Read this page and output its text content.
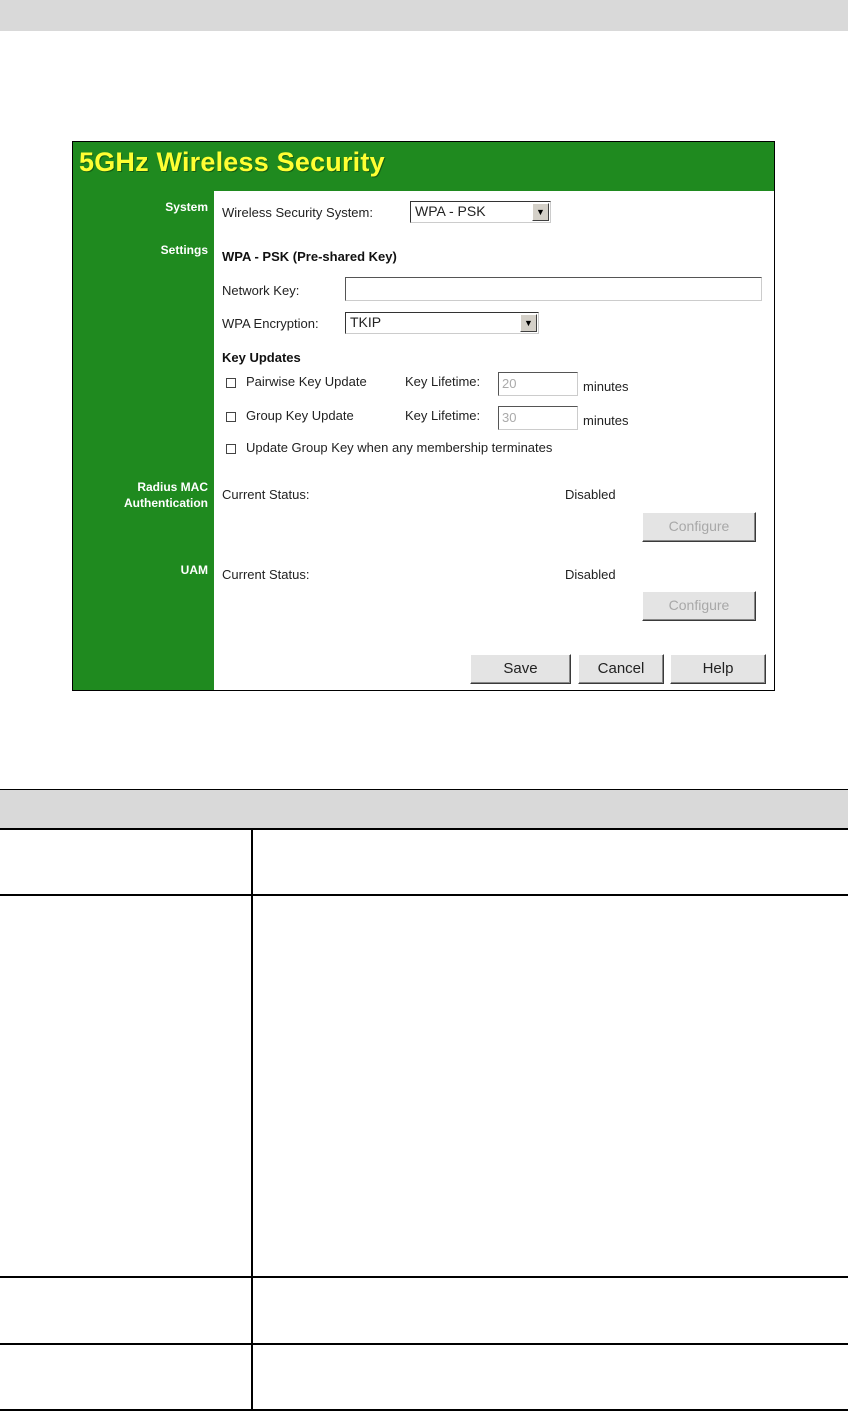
5GHz Wireless Security
System
Settings
Radius MAC
Authentication
UAM
Wireless Security System:	WPA - PSK	▼
WPA - PSK (Pre-shared Key)
Network Key:
WPA Encryption:	TKIP	▼
Key Updates
Pairwise Key Update	Key Lifetime:	20	minutes
Group Key Update	Key Lifetime:	30	minutes
Update Group Key when any membership terminates
Current Status:	Disabled
Configure
Current Status:	Disabled
Configure
Save	Cancel	Help
